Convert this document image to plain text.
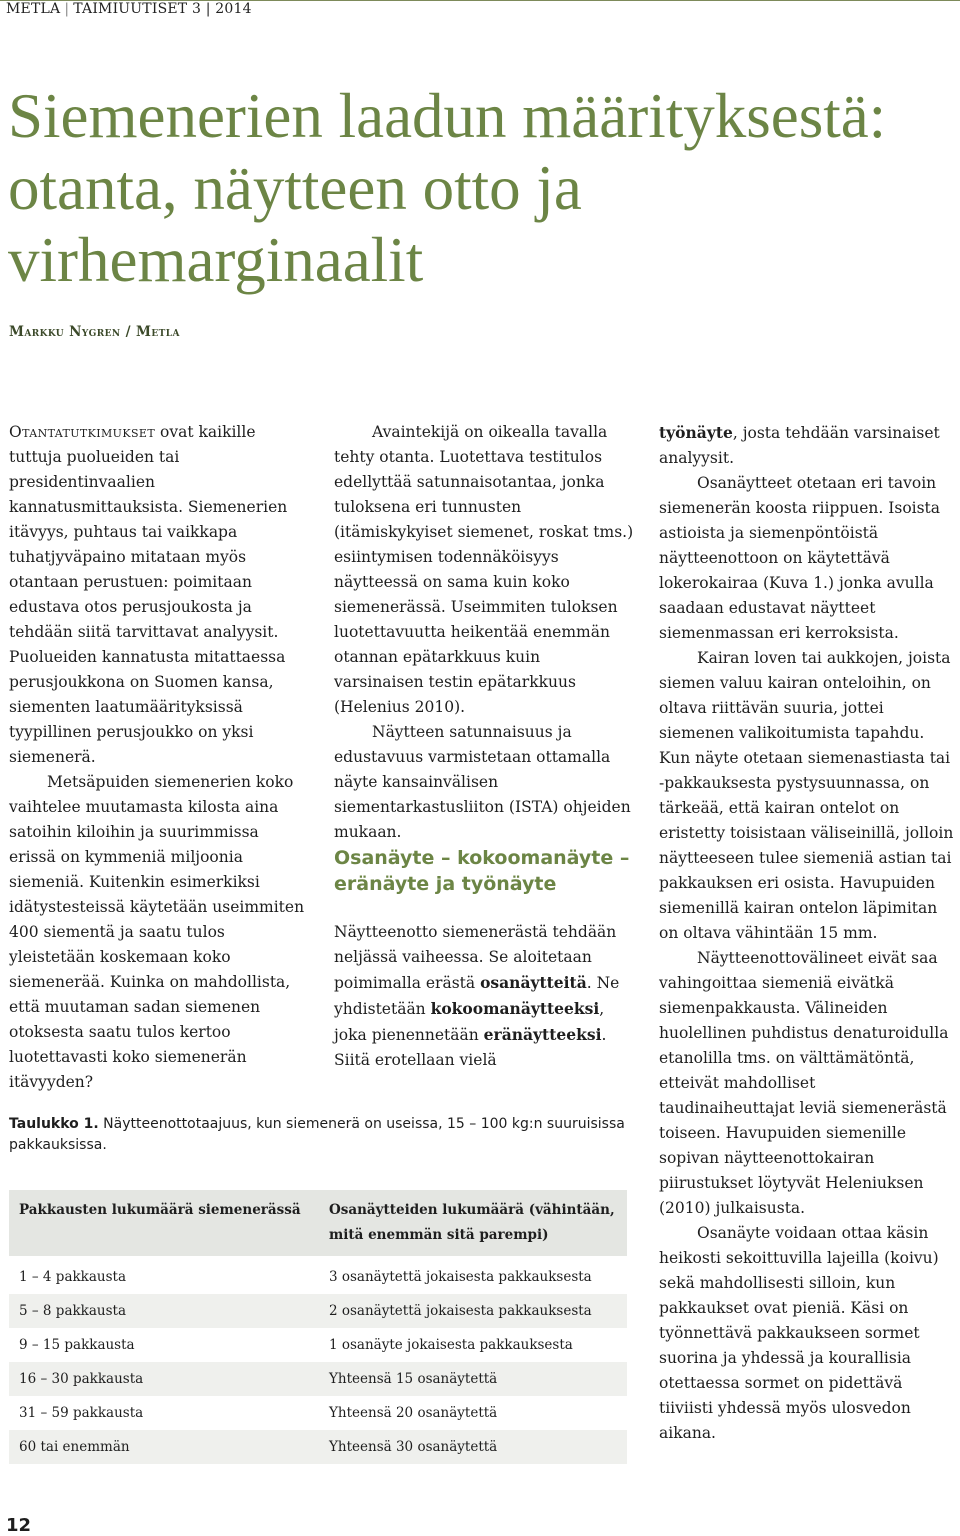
METLA | TAIMIUUTISET 3 | 2014
Siemenerien laadun määrityksestä: otanta, näytteen otto ja virhemarginaalit
Markku Nygren / Metla

Otantatutkimukset ovat kaikille tuttuja puolueiden tai presidentinvaalien kannatusmittauksista. Siemenerien itävyys, puhtaus tai vaikkapa tuhatjyväpaino mitataan myös otantaan perustuen: poimitaan edustava otos perusjoukosta ja tehdään siitä tarvittavat analyysit. Puolueiden kannatusta mitattaessa perusjoukkona on Suomen kansa, siementen laatumäärityksissä tyypillinen perusjoukko on yksi siemenerä.

Metsäpuiden siemenerien koko vaihtelee muutamasta kilosta aina satoihin kiloihin ja suurimmissa erissä on kymmeniä miljoonia siemeniä. Kuitenkin esimerkiksi idätystesteissä käytetään useimmiten 400 siementä ja saatu tulos yleistetään koskemaan koko siemenerää. Kuinka on mahdollista, että muutaman sadan siemenen otoksesta saatu tulos kertoo luotettavasti koko siemenerän itävyyden?

Avaintekijä on oikealla tavalla tehty otanta. Luotettava testitulos edellyttää satunnaisotantaa, jonka tuloksena eri tunnusten (itämiskykyiset siemenet, roskat tms.) esiintymisen todennäköisyys näytteessä on sama kuin koko siemenerässä. Useimmiten tuloksen luotettavuutta heikentää enemmän otannan epätarkkuus kuin varsinaisen testin epätarkkuus (Helenius 2010).

Näytteen satunnaisuus ja edustavuus varmistetaan ottamalla näyte kansainvälisen siementarkastusliiton (ISTA) ohjeiden mukaan.

Osanäyte – kokoomanäyte – eränäyte ja työnäyte

Näytteenotto siemenerästä tehdään neljässä vaiheessa. Se aloitetaan poimimalla erästä osanäytteitä. Ne yhdistetään kokoomanäytteeksi, joka pienennetään eränäytteeksi. Siitä erotellaan vielä

työnäyte, josta tehdään varsinaiset analyysit.

Osanäytteet otetaan eri tavoin siemenerän koosta riippuen. Isoista astioista ja siemenpöntöistä näytteenottoon on käytettävä lokerokairaa (Kuva 1.) jonka avulla saadaan edustavat näytteet siemenmassan eri kerroksista.

Kairan loven tai aukkojen, joista siemen valuu kairan onteloihin, on oltava riittävän suuria, jottei siemenen valikoitumista tapahdu. Kun näyte otetaan siemenastiasta tai -pakkauksesta pystysuunnassa, on tärkeää, että kairan ontelot on eristetty toisistaan väliseinillä, jolloin näytteeseen tulee siemeniä astian tai pakkauksen eri osista. Havupuiden siemenillä kairan ontelon läpimitan on oltava vähintään 15 mm.

Näytteenottovälineet eivät saa vahingoittaa siemeniä eivätkä siemenpakkausta. Välineiden huolellinen puhdistus denaturoidulla etanolilla tms. on välttämätöntä, etteivät mahdolliset taudinaiheuttajat leviä siemenerästä toiseen. Havupuiden siemenille sopivan näytteenottokairan piirustukset löytyvät Heleniuksen (2010) julkaisusta.

Osanäyte voidaan ottaa käsin heikosti sekoittuvilla lajeilla (koivu) sekä mahdollisesti silloin, kun pakkaukset ovat pieniä. Käsi on työnnettävä pakkaukseen sormet suorina ja yhdessä ja kourallisia otettaessa sormet on pidettävä tiiviisti yhdessä myös ulosvedon aikana.

Taulukko 1. Näytteenottotaajuus, kun siemenerä on useissa, 15 – 100 kg:n suuruisissa pakkauksissa.
Pakkausten lukumäärä siemenerässä	Osanäytteiden lukumäärä (vähintään, mitä enemmän sitä parempi)

1 – 4 pakkausta	3 osanäytettä jokaisesta pakkauksesta
5 – 8 pakkausta	2 osanäytettä jokaisesta pakkauksesta
9 – 15 pakkausta	1 osanäyte jokaisesta pakkauksesta
16 – 30 pakkausta	Yhteensä 15 osanäytettä
31 – 59 pakkausta	Yhteensä 20 osanäytettä
60 tai enemmän	Yhteensä 30 osanäytettä
12
